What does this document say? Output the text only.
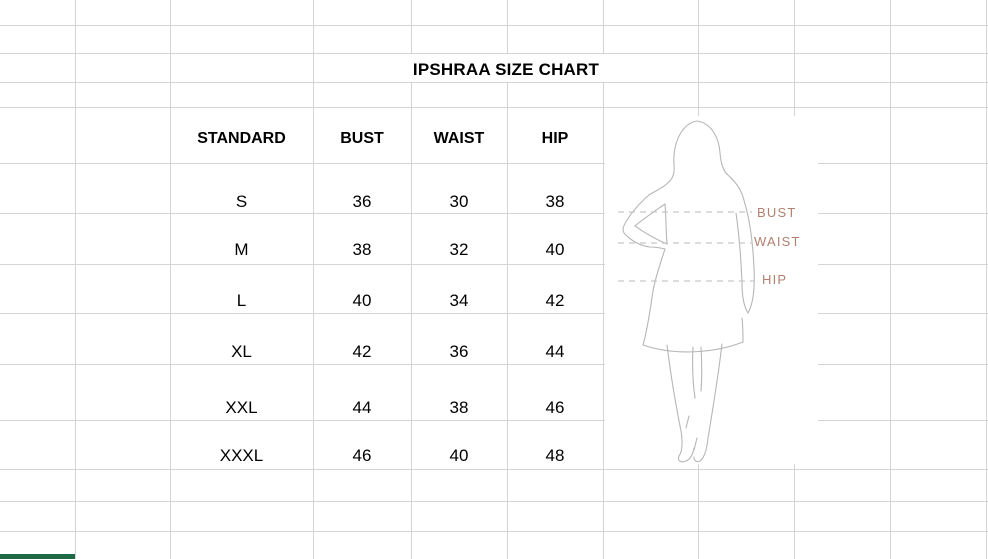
IPSHRAA SIZE CHART
STANDARD	BUST	WAIST	HIP
S	36	30	38
M	38	32	40
L	40	34	42
XL	42	36	44
XXL	44	38	46
XXXL	46	40	48
BUST
WAIST
HIP
